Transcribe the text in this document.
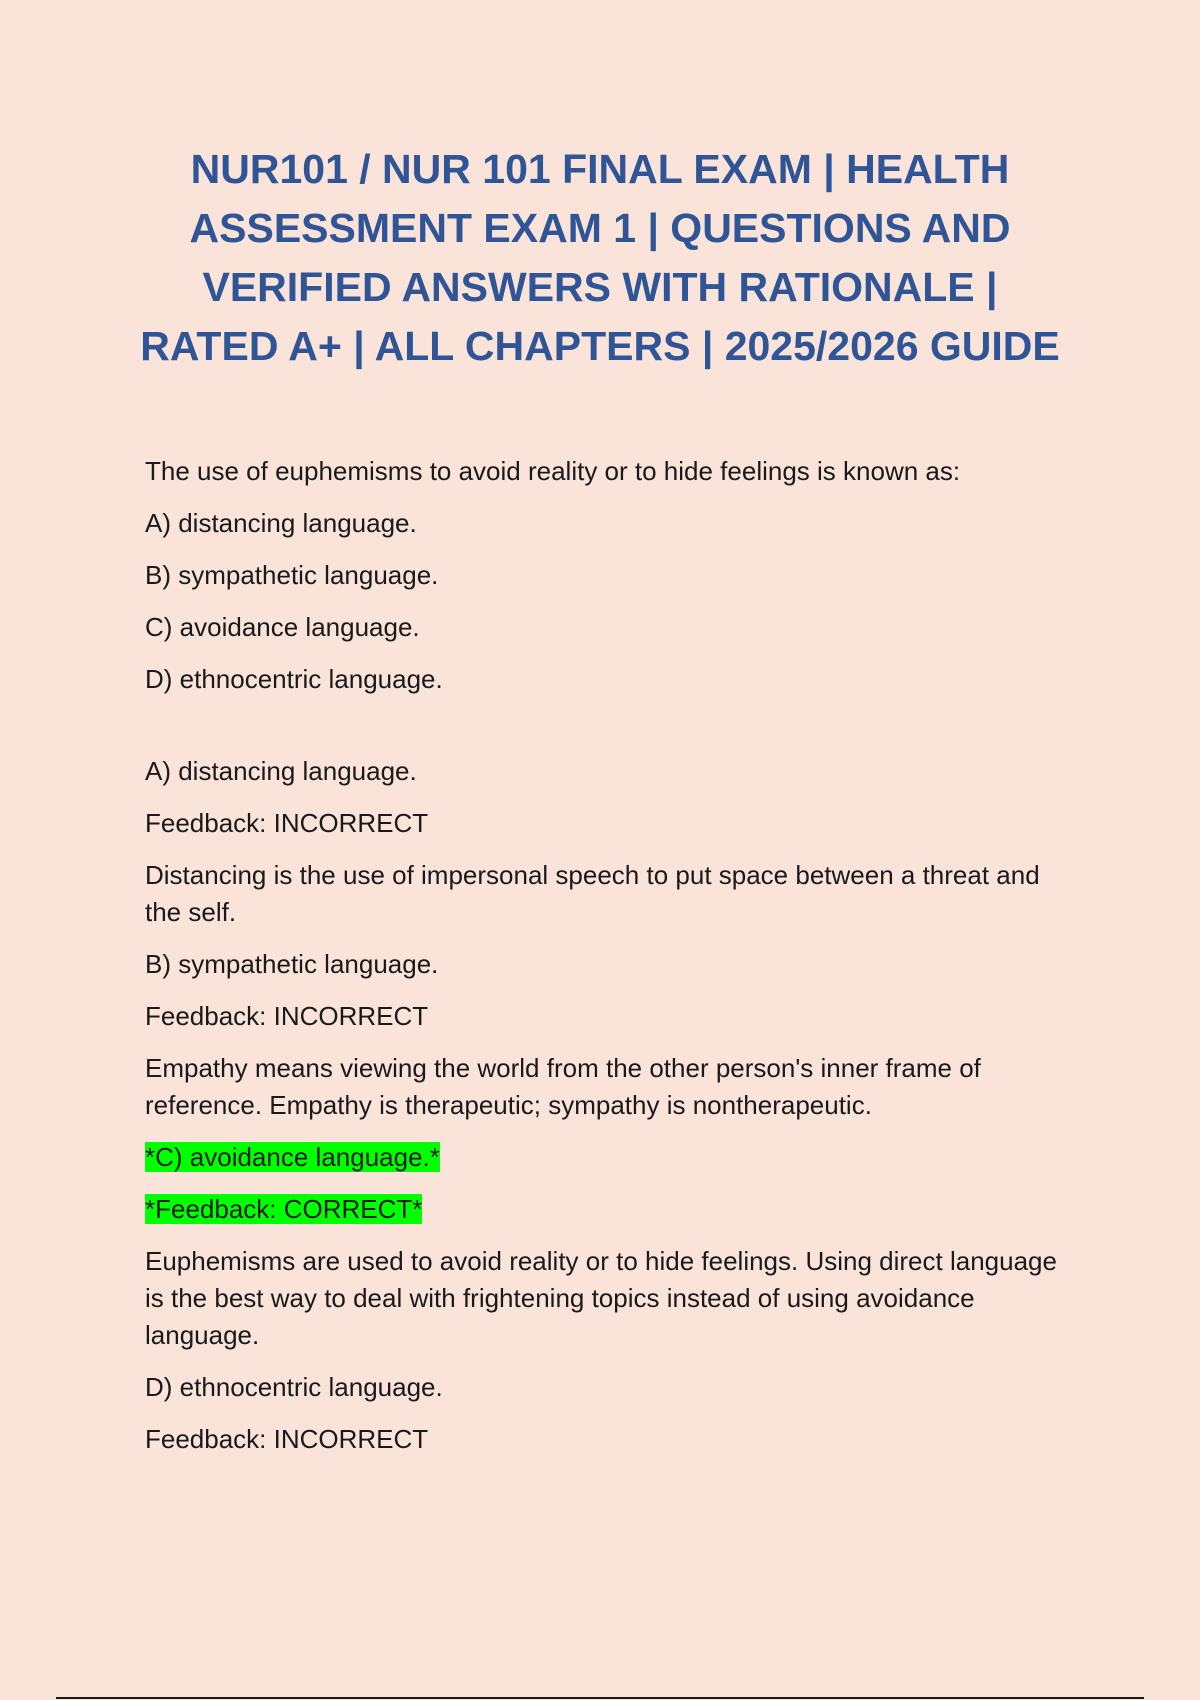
NUR101 / NUR 101 FINAL EXAM | HEALTH ASSESSMENT EXAM 1 | QUESTIONS AND VERIFIED ANSWERS WITH RATIONALE | RATED A+ | ALL CHAPTERS | 2025/2026 GUIDE

The use of euphemisms to avoid reality or to hide feelings is known as:

A) distancing language.

B) sympathetic language.

C) avoidance language.

D) ethnocentric language.

A) distancing language.

Feedback: INCORRECT

Distancing is the use of impersonal speech to put space between a threat and the self.

B) sympathetic language.

Feedback: INCORRECT

Empathy means viewing the world from the other person's inner frame of reference. Empathy is therapeutic; sympathy is nontherapeutic.

*C) avoidance language.*

*Feedback: CORRECT*

Euphemisms are used to avoid reality or to hide feelings. Using direct language is the best way to deal with frightening topics instead of using avoidance language.

D) ethnocentric language.

Feedback: INCORRECT
